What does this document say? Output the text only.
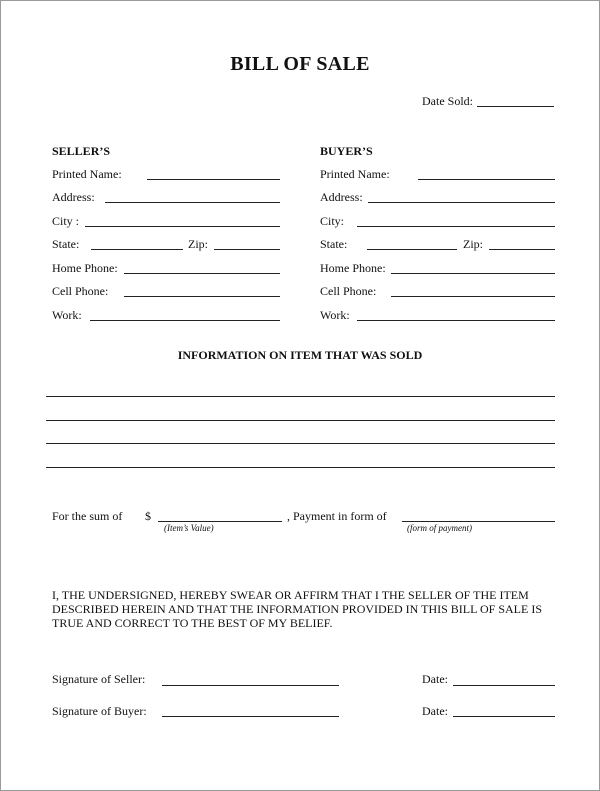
BILL OF SALE
Date Sold:
SELLER’S
Printed Name:
Address:
City :
State:	Zip:
Home Phone:
Cell Phone:
Work:
BUYER’S
Printed Name:
Address:
City:
State:	Zip:
Home Phone:
Cell Phone:
Work:
INFORMATION ON ITEM THAT WAS SOLD
For the sum of $
(Item’s Value)
, Payment in form of
(form of payment)
I, THE UNDERSIGNED, HEREBY SWEAR OR AFFIRM THAT I THE SELLER OF THE ITEM
DESCRIBED HEREIN AND THAT THE INFORMATION PROVIDED IN THIS BILL OF SALE IS
TRUE AND CORRECT TO THE BEST OF MY BELIEF.
Signature of Seller:	Date:
Signature of Buyer:	Date:
